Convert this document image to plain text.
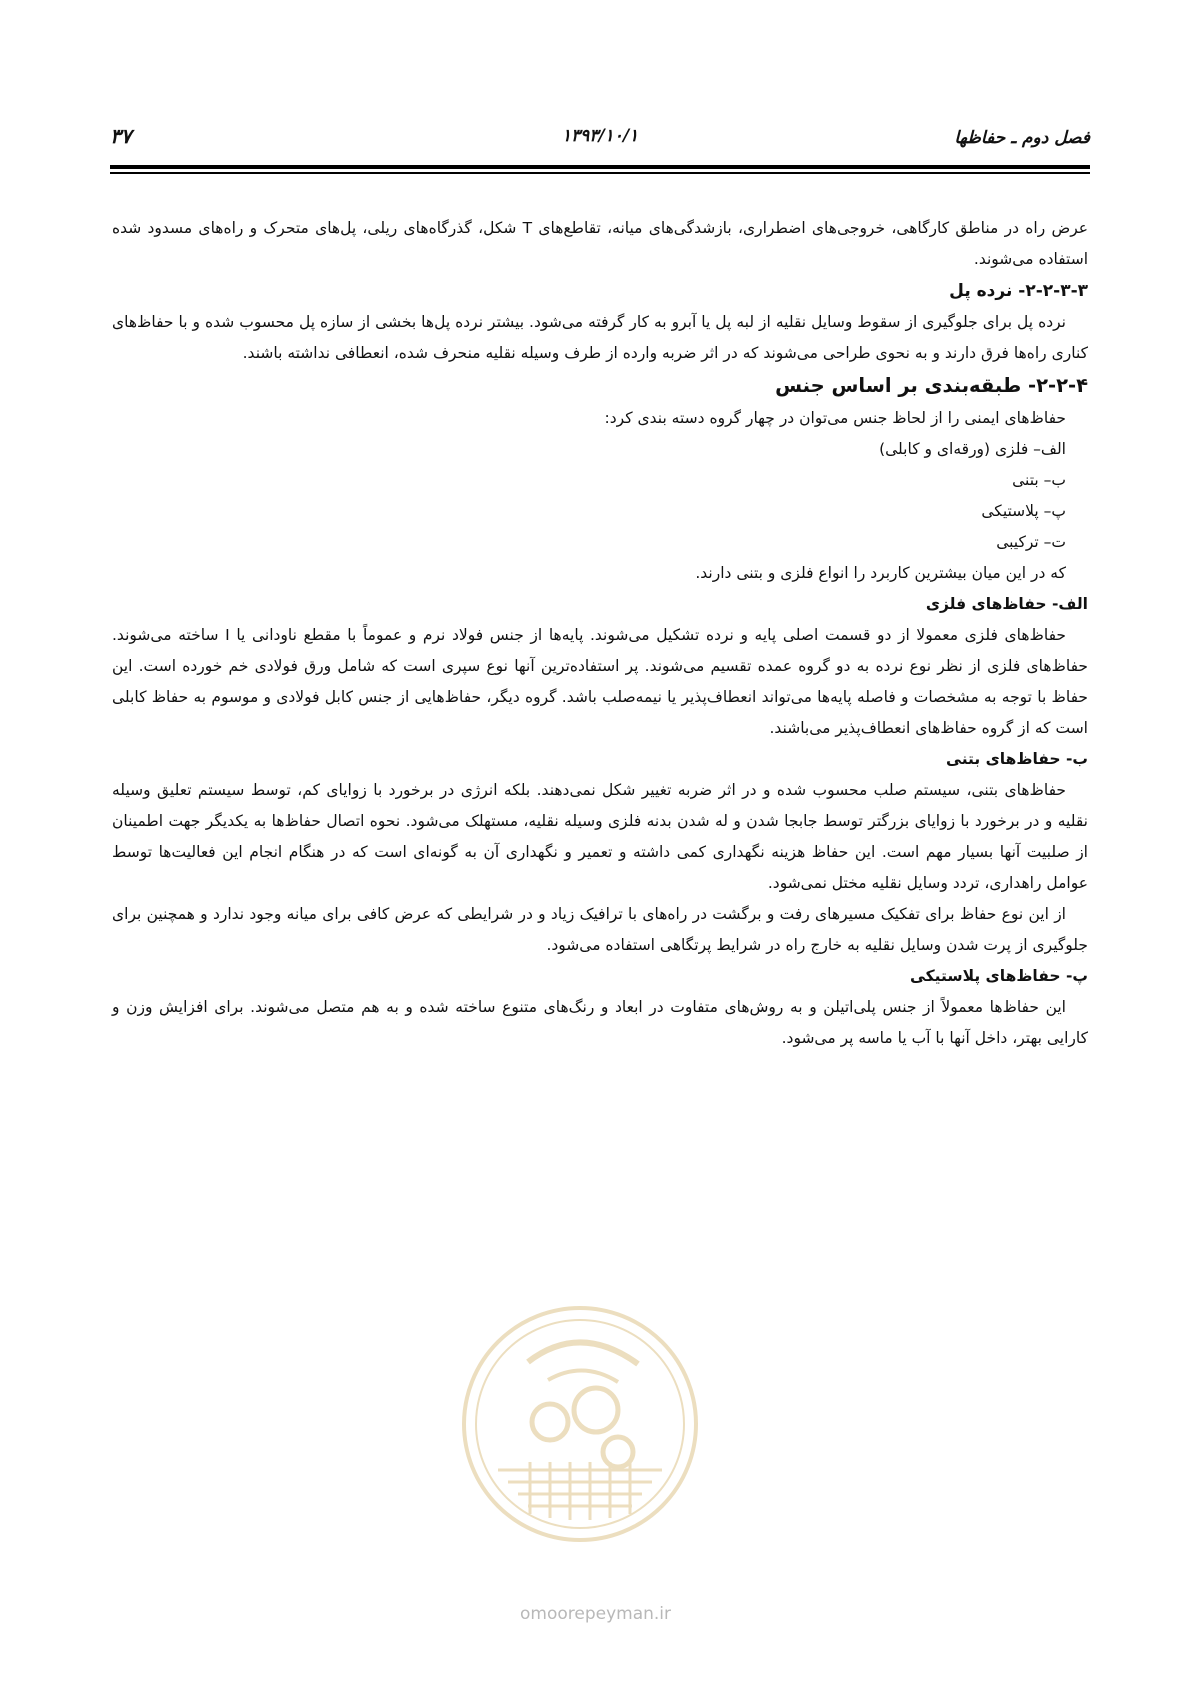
فصل دوم ـ حفاظها
۱۳۹۳/۱۰/۱
۳۷

عرض راه در مناطق کارگاهی، خروجی‌های اضطراری، بازشدگی‌های میانه، تقاطع‌های T شکل، گذرگاه‌های ریلی، پل‌های متحرک و راه‌های مسدود شده استفاده می‌شوند.

۲-۲-۳-۳- نرده پل

نرده پل برای جلوگیری از سقوط وسایل نقلیه از لبه پل یا آبرو به کار گرفته می‌شود. بیشتر نرده پل‌ها بخشی از سازه پل محسوب شده و با حفاظ‌های کناری راه‌ها فرق دارند و به نحوی طراحی می‌شوند که در اثر ضربه وارده از طرف وسیله نقلیه منحرف شده، انعطافی نداشته باشند.

۲-۲-۴- طبقه‌بندی بر اساس جنس

حفاظ‌های ایمنی را از لحاظ جنس می‌توان در چهار گروه دسته بندی کرد:

الف– فلزی (ورقه‌ای و کابلی)

ب– بتنی

پ– پلاستیکی

ت– ترکیبی

که در این میان بیشترین کاربرد را انواع فلزی و بتنی دارند.

الف- حفاظ‌های فلزی

حفاظ‌های فلزی معمولا از دو قسمت اصلی پایه و نرده تشکیل می‌شوند. پایه‌ها از جنس فولاد نرم و عموماً با مقطع ناودانی یا I ساخته می‌شوند. حفاظ‌های فلزی از نظر نوع نرده به دو گروه عمده تقسیم می‌شوند. پر استفاده‌ترین آنها نوع سپری است که شامل ورق فولادی خم خورده است. این حفاظ با توجه به مشخصات و فاصله پایه‌ها می‌تواند انعطاف‌پذیر یا نیمه‌صلب باشد. گروه دیگر، حفاظ‌هایی از جنس کابل فولادی و موسوم به حفاظ کابلی است که از گروه حفاظ‌های انعطاف‌پذیر می‌باشند.

ب- حفاظ‌های بتنی

حفاظ‌های بتنی، سیستم صلب محسوب شده و در اثر ضربه تغییر شکل نمی‌دهند. بلکه انرژی در برخورد با زوایای کم، توسط سیستم تعلیق وسیله نقلیه و در برخورد با زوایای بزرگتر توسط جابجا شدن و له شدن بدنه فلزی وسیله نقلیه، مستهلک می‌شود. نحوه اتصال حفاظ‌ها به یکدیگر جهت اطمینان از صلبیت آنها بسیار مهم است. این حفاظ هزینه نگهداری کمی داشته و تعمیر و نگهداری آن به گونه‌ای است که در هنگام انجام این فعالیت‌ها توسط عوامل راهداری، تردد وسایل نقلیه مختل نمی‌شود.

از این نوع حفاظ برای تفکیک مسیرهای رفت و برگشت در راه‌های با ترافیک زیاد و در شرایطی که عرض کافی برای میانه وجود ندارد و همچنین برای جلوگیری از پرت شدن وسایل نقلیه به خارج راه در شرایط پرتگاهی استفاده می‌شود.

پ- حفاظ‌های پلاستیکی

این حفاظ‌ها معمولاً از جنس پلی‌اتیلن و به روش‌های متفاوت در ابعاد و رنگ‌های متنوع ساخته شده و به هم متصل می‌شوند. برای افزایش وزن و کارایی بهتر، داخل آنها با آب یا ماسه پر می‌شود.

omoorepeyman.ir
